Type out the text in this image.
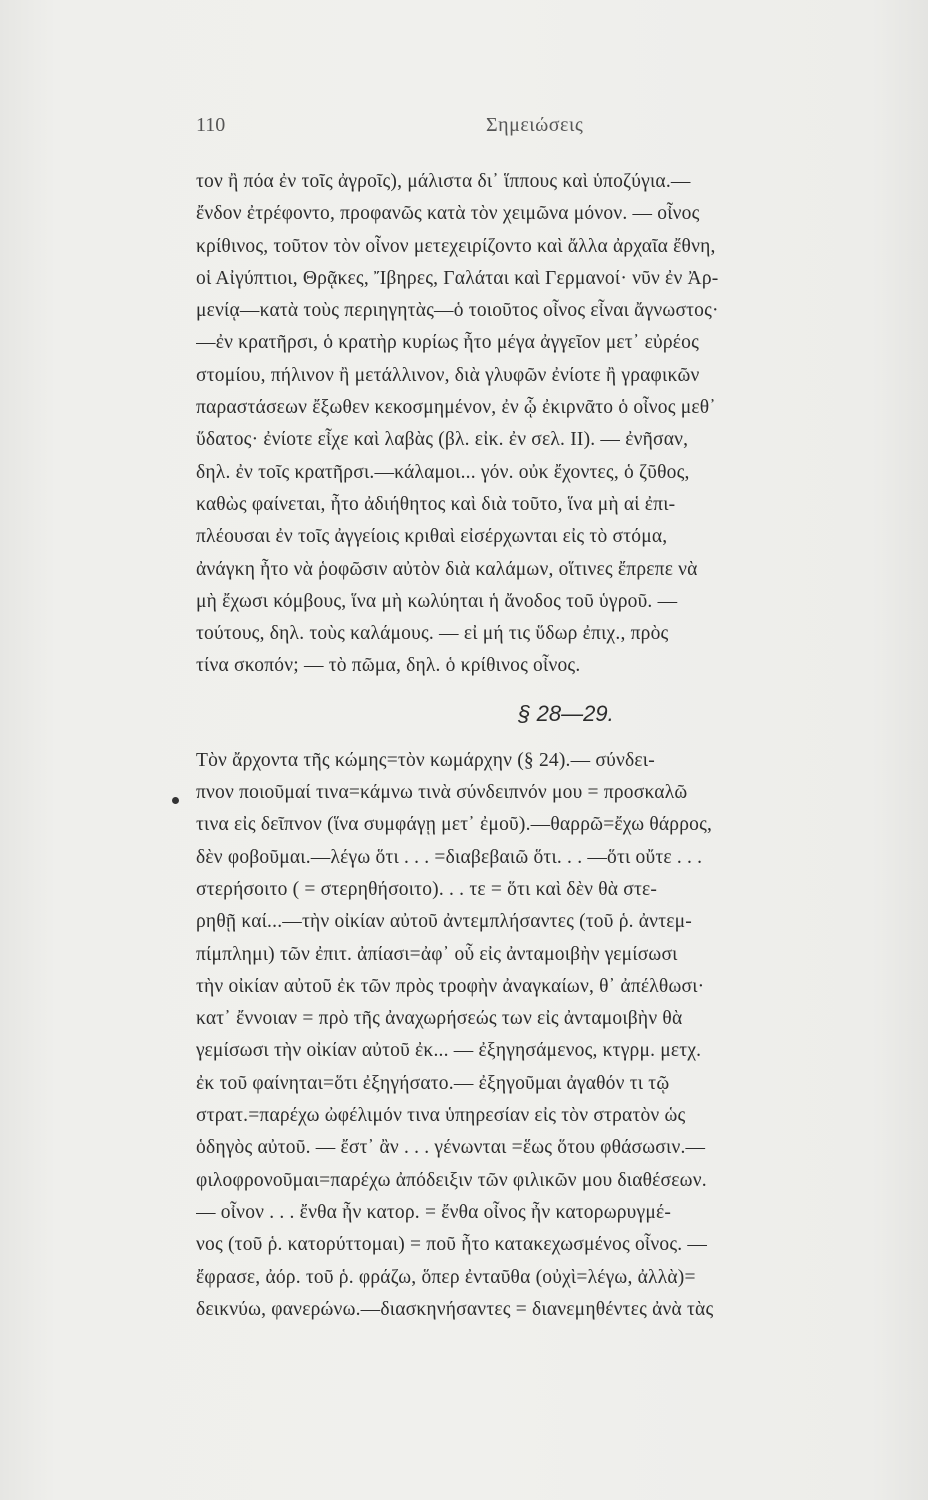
110	Σημειώσεις
τον ἢ πόα ἐν τοῖς ἀγροῖς), μάλιστα δι᾽ ἵππους καὶ ὑποζύγια.—
ἔνδον ἐτρέφοντο, προφανῶς κατὰ τὸν χειμῶνα μόνον. — οἶνος
κρίθινος, τοῦτον τὸν οἶνον μετεχειρίζοντο καὶ ἄλλα ἀρχαῖα ἔθνη,
οἱ Αἰγύπτιοι, Θρᾷκες, Ἴβηρες, Γαλάται καὶ Γερμανοί· νῦν ἐν Ἀρ-
μενίᾳ—κατὰ τοὺς περιηγητὰς—ὁ τοιοῦτος οἶνος εἶναι ἄγνωστος·
—ἐν κρατῆρσι, ὁ κρατὴρ κυρίως ἦτο μέγα ἀγγεῖον μετ᾽ εὐρέος
στομίου, πήλινον ἢ μετάλλινον, διὰ γλυφῶν ἐνίοτε ἢ γραφικῶν
παραστάσεων ἔξωθεν κεκοσμημένον, ἐν ᾧ ἐκιρνᾶτο ὁ οἶνος μεθ᾽
ὕδατος· ἐνίοτε εἶχε καὶ λαβὰς (βλ. εἰκ. ἐν σελ. II). — ἐνῆσαν,
δηλ. ἐν τοῖς κρατῆρσι.—κάλαμοι... γόν. οὐκ ἔχοντες, ὁ ζῦθος,
καθὼς φαίνεται, ἦτο ἀδιήθητος καὶ διὰ τοῦτο, ἵνα μὴ αἱ ἐπι-
πλέουσαι ἐν τοῖς ἀγγείοις κριθαὶ εἰσέρχωνται εἰς τὸ στόμα,
ἀνάγκη ἦτο νὰ ῥοφῶσιν αὐτὸν διὰ καλάμων, οἵτινες ἔπρεπε νὰ
μὴ ἔχωσι κόμβους, ἵνα μὴ κωλύηται ἡ ἄνοδος τοῦ ὑγροῦ. —
τούτους, δηλ. τοὺς καλάμους. — εἰ μή τις ὕδωρ ἐπιχ., πρὸς
τίνα σκοπόν; — τὸ πῶμα, δηλ. ὁ κρίθινος οἶνος.
§ 28—29.
Τὸν ἄρχοντα τῆς κώμης=τὸν κωμάρχην (§ 24).— σύνδει-
πνον ποιοῦμαί τινα=κάμνω τινὰ σύνδειπνόν μου = προσκαλῶ
τινα εἰς δεῖπνον (ἵνα συμφάγῃ μετ᾽ ἐμοῦ).—θαρρῶ=ἔχω θάρρος,
δὲν φοβοῦμαι.—λέγω ὅτι . . . =διαβεβαιῶ ὅτι. . . —ὅτι οὔτε . . .
στερήσοιτο ( = στερηθήσοιτο). . . τε = ὅτι καὶ δὲν θὰ στε-
ρηθῇ καί...—τὴν οἰκίαν αὐτοῦ ἀντεμπλήσαντες (τοῦ ῥ. ἀντεμ-
πίμπλημι) τῶν ἐπιτ. ἀπίασι=ἀφ᾽ οὗ εἰς ἀνταμοιβὴν γεμίσωσι
τὴν οἰκίαν αὐτοῦ ἐκ τῶν πρὸς τροφὴν ἀναγκαίων, θ᾽ ἀπέλθωσι·
κατ᾽ ἔννοιαν = πρὸ τῆς ἀναχωρήσεώς των εἰς ἀνταμοιβὴν θὰ
γεμίσωσι τὴν οἰκίαν αὐτοῦ ἐκ... — ἐξηγησάμενος, κτγρμ. μετχ.
ἐκ τοῦ φαίνηται=ὅτι ἐξηγήσατο.— ἐξηγοῦμαι ἀγαθόν τι τῷ
στρατ.=παρέχω ὠφέλιμόν τινα ὑπηρεσίαν εἰς τὸν στρατὸν ὡς
ὁδηγὸς αὐτοῦ. — ἔστ᾽ ἂν . . . γένωνται =ἕως ὅτου φθάσωσιν.—
φιλοφρονοῦμαι=παρέχω ἀπόδειξιν τῶν φιλικῶν μου διαθέσεων.
— οἶνον . . . ἔνθα ἦν κατορ. = ἔνθα οἶνος ἦν κατορωρυγμέ-
νος (τοῦ ῥ. κατορύττομαι) = ποῦ ἦτο κατακεχωσμένος οἶνος. —
ἔφρασε, ἀόρ. τοῦ ῥ. φράζω, ὅπερ ἐνταῦθα (οὐχὶ=λέγω, ἀλλὰ)=
δεικνύω, φανερώνω.—διασκηνήσαντες = διανεμηθέντες ἀνὰ τὰς
